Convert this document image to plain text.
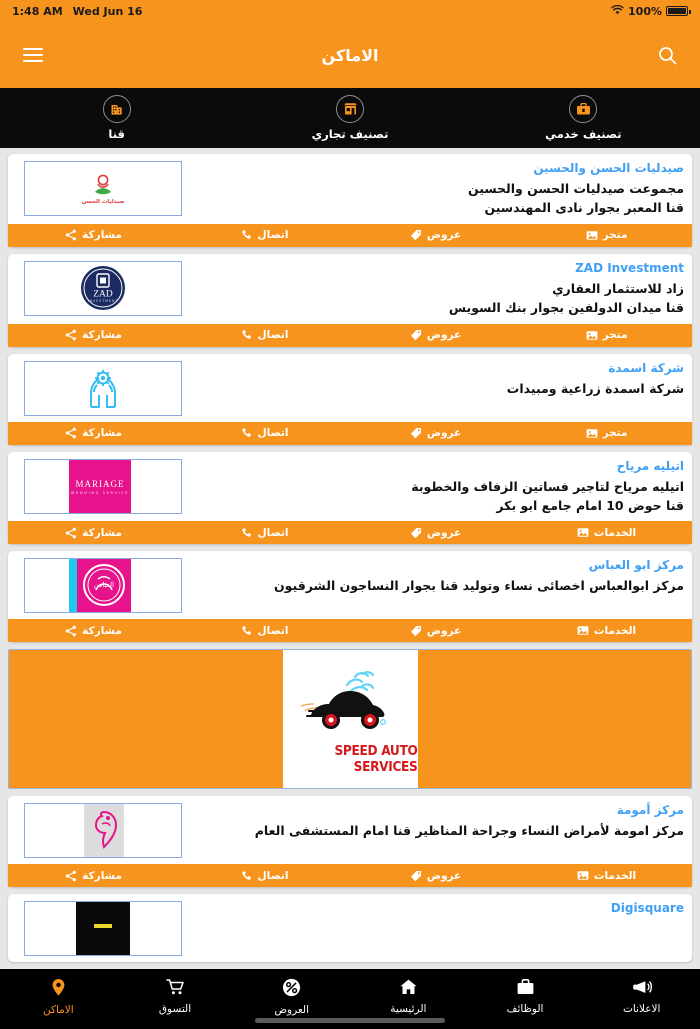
1:48 AM Wed Jun 16	100%
الاماكن
تصنيف خدمي
تصنيف تجاري
قنا
صيدليات الحسن
صيدليات الحسن والحسين
مجموعت صيدليات الحسن والحسين
قنا المعبر بجوار نادى المهندسين
مشاركة	اتصال	عروض	متجر
ZAD
INVESTMENT
ZAD Investment
زاد للاستثمار العقاري
قنا ميدان الدولفين بجوار بنك السويس
مشاركة	اتصال	عروض	متجر
شركة اسمدة
شركة اسمدة زراعية ومبيدات
مشاركة	اتصال	عروض	متجر
MARIAGE
WEDDING SERVICE
اتيليه مرياح
اتيليه مرياح لتاجير فساتين الزفاف والخطوبة
قنا حوض 10 امام جامع ابو بكر
مشاركة	اتصال	عروض	الخدمات
العباس
مركز ابو العباس
مركز ابوالعباس اخصائى نساء وتوليد قنا بجوار النساجون الشرقيون
مشاركة	اتصال	عروض	الخدمات
SPEED AUTO SERVICES
مركز أمومة
مركز امومة لأمراض النساء وجراحة المناظير قنا امام المستشفى العام
مشاركة	اتصال	عروض	الخدمات
Digisquare
الاماكن	التسوق	العروض	الرئيسية	الوظائف	الاعلانات
